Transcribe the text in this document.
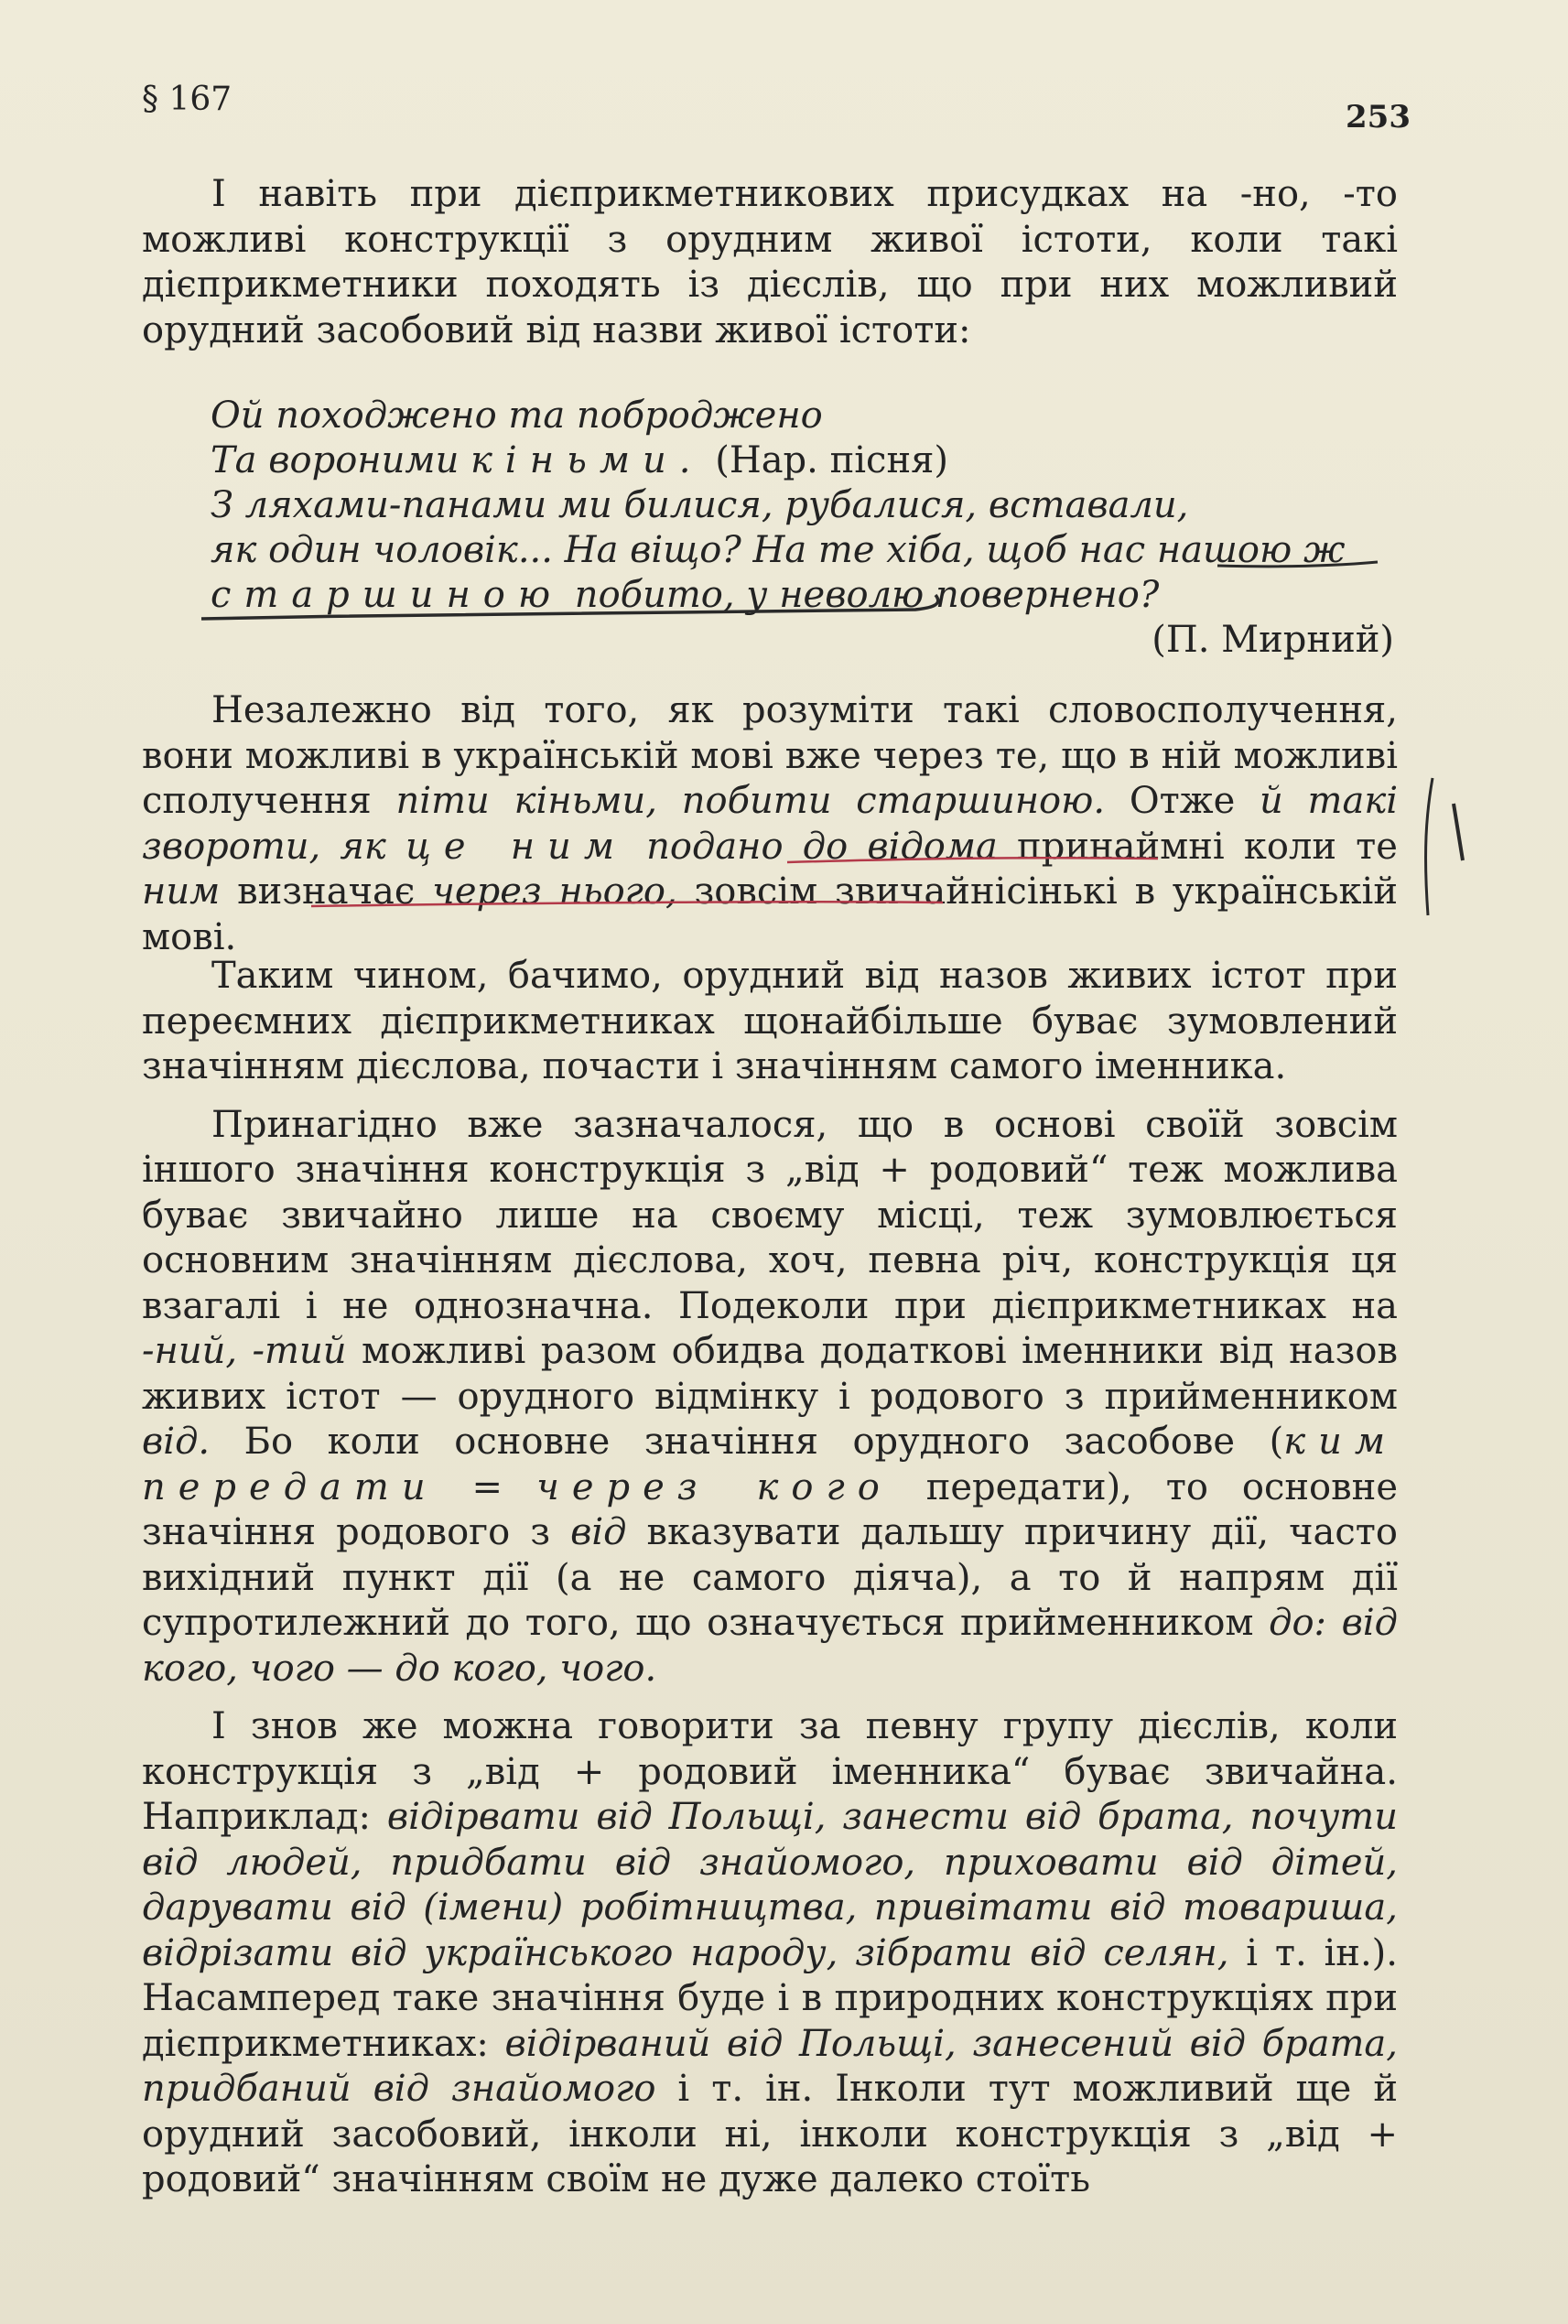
§ 167	253

І навіть при дієприкметникових присудках на -но, -то можливі конструкції з орудним живої істоти, коли такі дієприкметники походять із дієслів, що при них можливий орудний засобовий від назви живої істоти:

Ой походжено та поброджено
Та вороними кіньми. (Нар. пісня)
З ляхами-панами ми билися, рубалися, вставали,
як один чоловік... На віщо? На те хіба, щоб нас нашою ж
старшиною побито, у неволю повернено?
(П. Мирний)

Незалежно від того, як розуміти такі словосполучення, вони можливі в українській мові вже через те, що в ній можливі сполучення піти кіньми, побити старшиною. Отже й такі звороти, як це ним подано до відома принаймні коли те ним визначає через нього, зовсім звичайнісінькі в українській мові.

Таким чином, бачимо, орудний від назов живих істот при переємних дієприкметниках щонайбільше буває зумовлений значінням дієслова, почасти і значінням самого іменника.

Принагідно вже зазначалося, що в основі своїй зовсім іншого значіння конструкція з „від + родовий“ теж можлива буває звичайно лише на своєму місці, теж зумовлюється основним значінням дієслова, хоч, певна річ, конструкція ця взагалі і не однозначна. Подеколи при дієприкметниках на -ний, -тий можливі разом обидва додаткові іменники від назов живих істот — орудного відмінку і родового з прийменником від. Бо коли основне значіння орудного засобове (ким передати = через кого передати), то основне значіння родового з від вказувати дальшу причину дії, часто вихідний пункт дії (а не самого діяча), а то й напрям дії супротилежний до того, що означується прийменником до: від кого, чого — до кого, чого.

І знов же можна говорити за певну групу дієслів, коли конструкція з „від + родовий іменника“ буває звичайна. Наприклад: відірвати від Польщі, занести від брата, почути від людей, придбати від знайомого, приховати від дітей, дарувати від (імени) робітництва, привітати від товариша, відрізати від українського народу, зібрати від селян, і т. ін.). Насамперед таке значіння буде і в природних конструкціях при дієприкметниках: відірваний від Польщі, занесений від брата, придбаний від знайомого і т. ін. Інколи тут можливий ще й орудний засобовий, інколи ні, інколи конструкція з „від + родовий“ значінням своїм не дуже далеко стоїть
